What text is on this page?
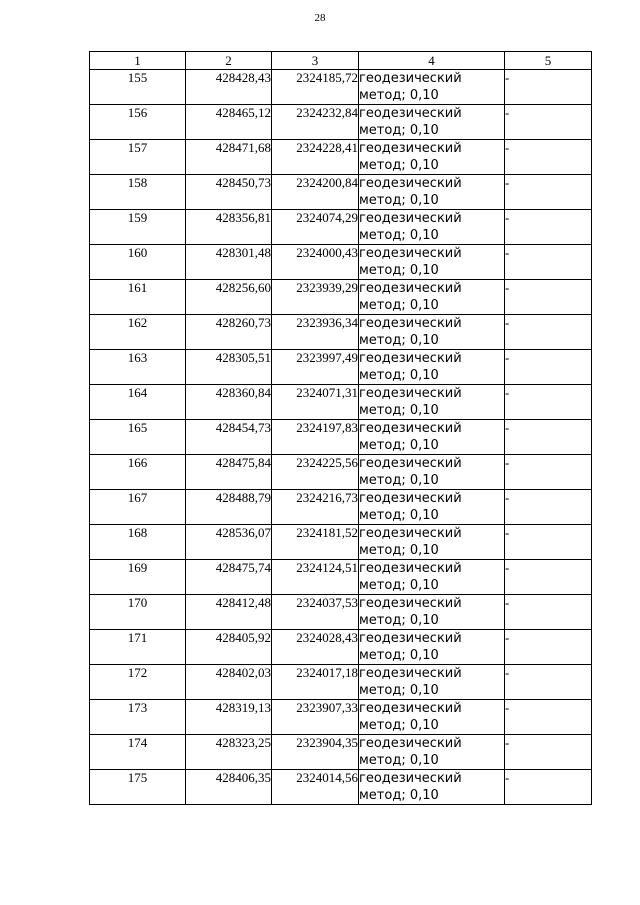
28
1	2	3	4	5
155	428428,43	2324185,72	геодезический
метод; 0,10	-
156	428465,12	2324232,84	геодезический
метод; 0,10	-
157	428471,68	2324228,41	геодезический
метод; 0,10	-
158	428450,73	2324200,84	геодезический
метод; 0,10	-
159	428356,81	2324074,29	геодезический
метод; 0,10	-
160	428301,48	2324000,43	геодезический
метод; 0,10	-
161	428256,60	2323939,29	геодезический
метод; 0,10	-
162	428260,73	2323936,34	геодезический
метод; 0,10	-
163	428305,51	2323997,49	геодезический
метод; 0,10	-
164	428360,84	2324071,31	геодезический
метод; 0,10	-
165	428454,73	2324197,83	геодезический
метод; 0,10	-
166	428475,84	2324225,56	геодезический
метод; 0,10	-
167	428488,79	2324216,73	геодезический
метод; 0,10	-
168	428536,07	2324181,52	геодезический
метод; 0,10	-
169	428475,74	2324124,51	геодезический
метод; 0,10	-
170	428412,48	2324037,53	геодезический
метод; 0,10	-
171	428405,92	2324028,43	геодезический
метод; 0,10	-
172	428402,03	2324017,18	геодезический
метод; 0,10	-
173	428319,13	2323907,33	геодезический
метод; 0,10	-
174	428323,25	2323904,35	геодезический
метод; 0,10	-
175	428406,35	2324014,56	геодезический
метод; 0,10	-
